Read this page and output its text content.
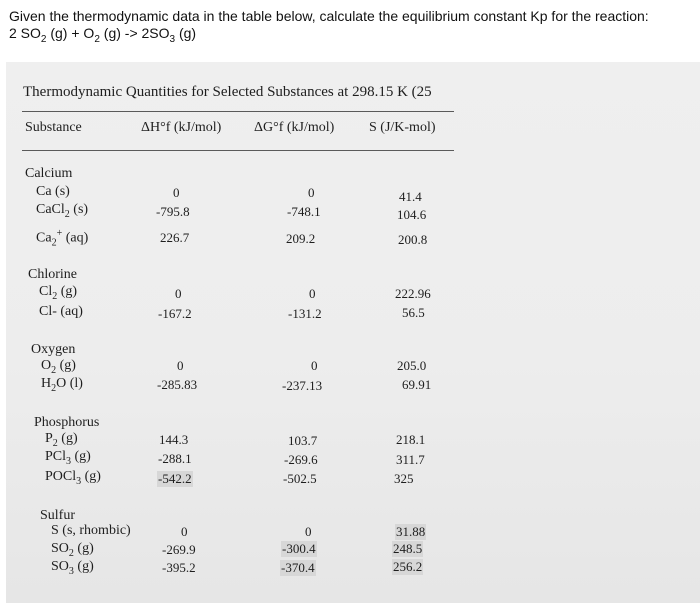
Given the thermodynamic data in the table below, calculate the equilibrium constant Kp for the reaction:
2 $SO_2$ $(g) + O_2$ $(g) -> 2SO_3$ (g)
Thermodynamic Quantities for Selected Substances at 298.15 K (25
Substance	ΔH°f (kJ/mol) ΔG°f (kJ/mol) S (J/K-mol)
Calcium
Ca (s)	0	0	41.4
CaCl$_2$ (s)	-795.8	-748.1	104.6
$Ca_2^+$ (aq)	226.7	209.2	200.8
Chlorine
$Cl_2$ (g)	0	0	222.96
Cl- (aq)	-167.2	-131.2	56.5
Oxygen
$O_2$ (g)	0	0	205.0
$H_2O$ (l)	-285.83	-237.13	69.91
Phosphorus
$P_2$ (g)	144.3	103.7	218.1
PCl$_3$ (g)	-288.1	-269.6	311.7
POCl$_3$ (g)	-542.2	-502.5	325
Sulfur
S (s, rhombic)	0	0	31.88
$SO_2$ (g)	-269.9	-300.4	248.5
$SO_3$ (g)	-395.2	-370.4	256.2
